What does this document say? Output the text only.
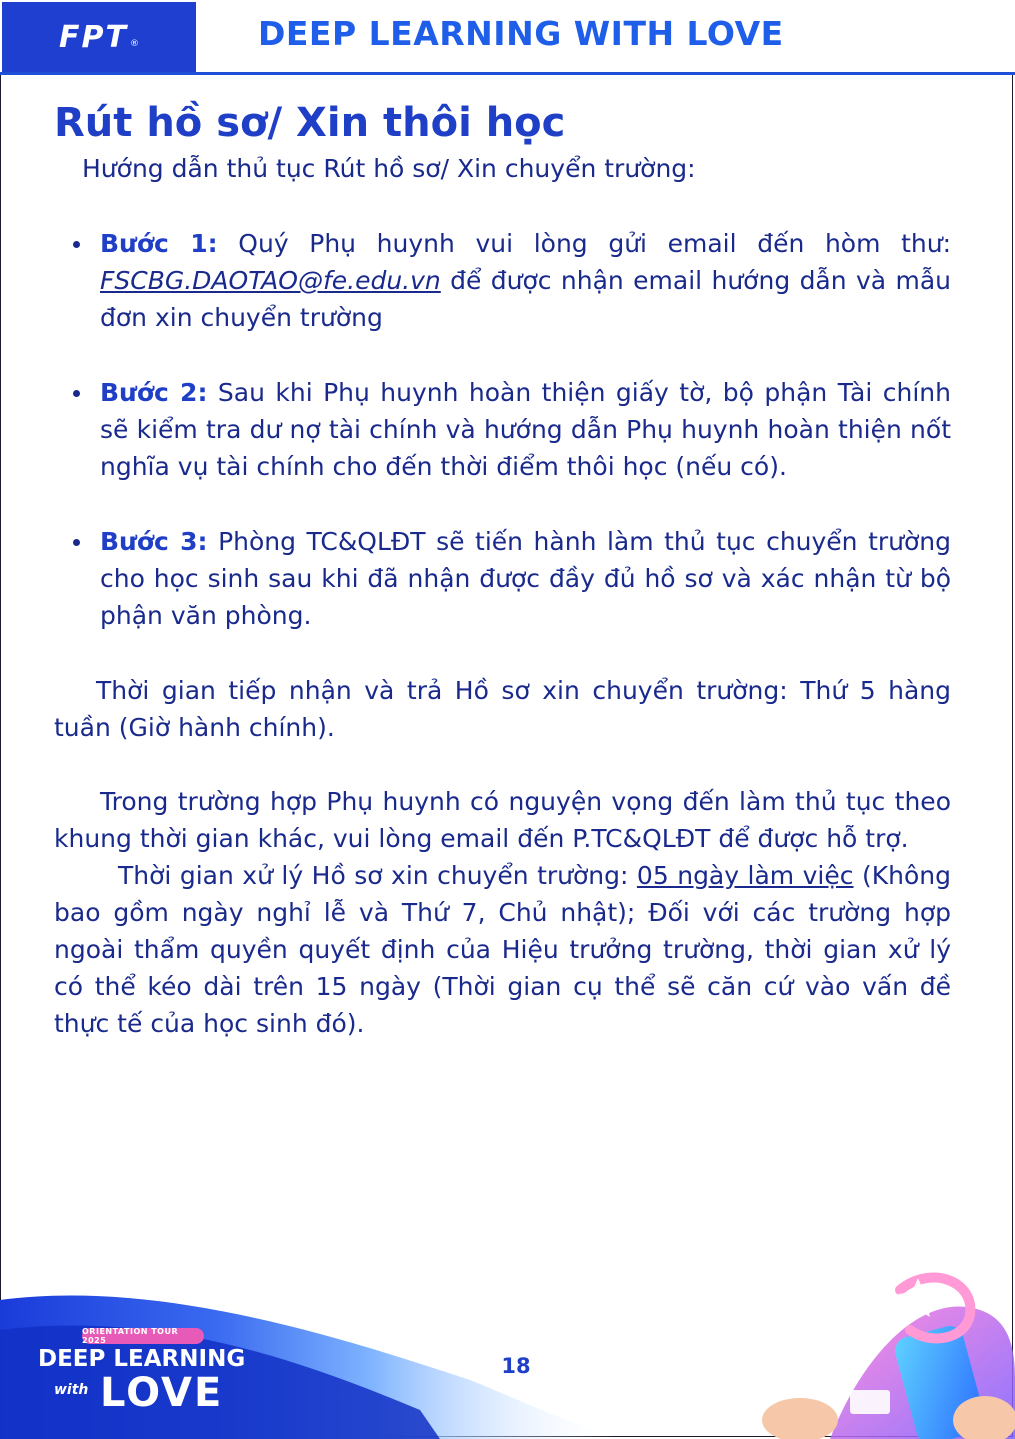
FPT ®	DEEP LEARNING WITH LOVE
Rút hồ sơ/ Xin thôi học

Hướng dẫn thủ tục Rút hồ sơ/ Xin chuyển trường:

Bước 1: Quý Phụ huynh vui lòng gửi email đến hòm thư: FSCBG.DAOTAO@fe.edu.vn để được nhận email hướng dẫn và mẫu đơn xin chuyển trường
Bước 2: Sau khi Phụ huynh hoàn thiện giấy tờ, bộ phận Tài chính sẽ kiểm tra dư nợ tài chính và hướng dẫn Phụ huynh hoàn thiện nốt nghĩa vụ tài chính cho đến thời điểm thôi học (nếu có).
Bước 3: Phòng TC&QLĐT sẽ tiến hành làm thủ tục chuyển trường cho học sinh sau khi đã nhận được đầy đủ hồ sơ và xác nhận từ bộ phận văn phòng.

Thời gian tiếp nhận và trả Hồ sơ xin chuyển trường: Thứ 5 hàng tuần (Giờ hành chính).

Trong trường hợp Phụ huynh có nguyện vọng đến làm thủ tục theo khung thời gian khác, vui lòng email đến P.TC&QLĐT để được hỗ trợ.

Thời gian xử lý Hồ sơ xin chuyển trường: 05 ngày làm việc (Không bao gồm ngày nghỉ lễ và Thứ 7, Chủ nhật); Đối với các trường hợp ngoài thẩm quyền quyết định của Hiệu trưởng trường, thời gian xử lý có thể kéo dài trên 15 ngày (Thời gian cụ thể sẽ căn cứ vào vấn đề thực tế của học sinh đó).

ORIENTATION TOUR 2025
DEEP LEARNING
with LOVE
18
